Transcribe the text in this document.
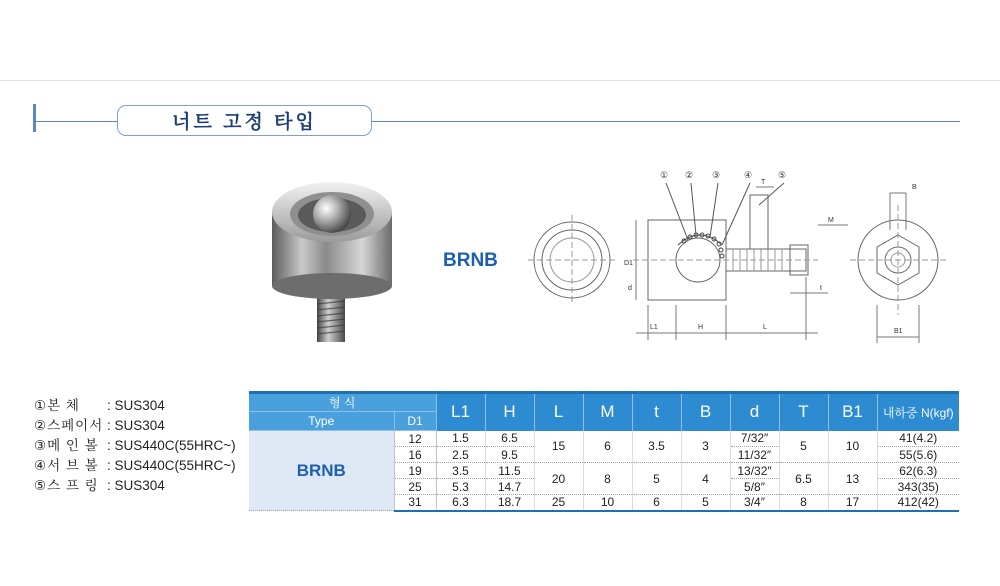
너트 고정 타입
BRNB
① ② ③	④	⑤
D1
L1	H	L
T
M
t
B1
B
d
①본 체	: SUS304
②스페이서 : SUS304
③메 인 볼 : SUS440C(55HRC~)
④서 브 볼 : SUS440C(55HRC~)
⑤스 프 링 : SUS304
형 식		L1	H	L	M	t	B	d	T	B1	내하중 N(kgf)
Type	D1										
BRNB	12	1.5	6.5	15	6	3.5	3	7/32″	5	10	41(4.2)
	16	2.5	9.5					11/32″			55(5.6)
	19	3.5	11.5	20	8	5	4	13/32″	6.5	13	62(6.3)
	25	5.3	14.7					5/8″			343(35)
	31	6.3	18.7	25	10	6	5	3/4″	8	17	412(42)
